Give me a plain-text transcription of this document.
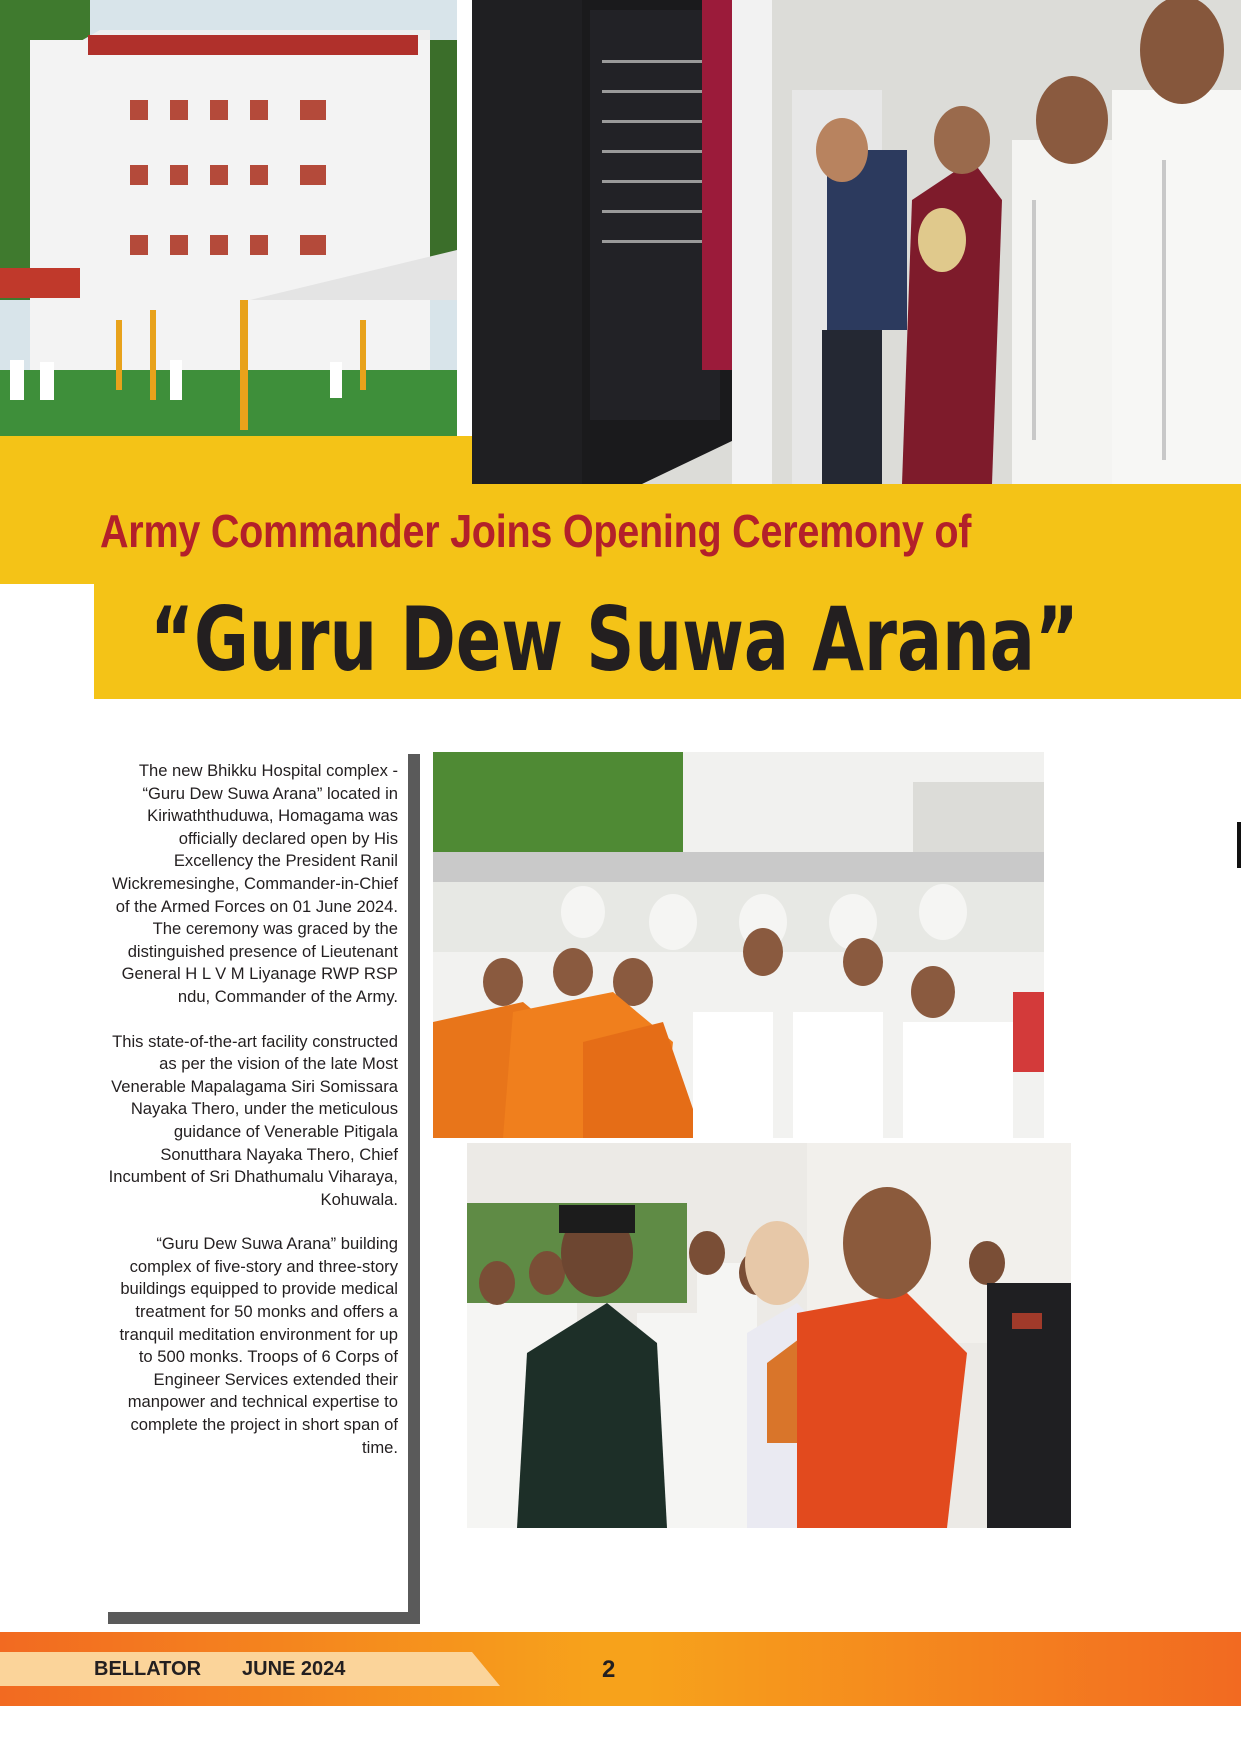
Army Commander Joins Opening Ceremony of
“Guru Dew Suwa Arana”

The new Bhikku Hospital complex - “Guru Dew Suwa Arana” located in Kiriwaththuduwa, Homagama was officially declared open by His Excellency the President Ranil Wickremesinghe, Commander-in-Chief of the Armed Forces on 01 June 2024. The ceremony was graced by the distinguished presence of Lieutenant General H L V M Liyanage RWP RSP ndu, Commander of the Army.

This state-of-the-art facility constructed as per the vision of the late Most Venerable Mapalagama Siri Somissara Nayaka Thero, under the meticulous guidance of Venerable Pitigala Sonutthara Nayaka Thero, Chief Incumbent of Sri Dhathumalu Viharaya, Kohuwala.

“Guru Dew Suwa Arana” building complex of five-story and three-story buildings equipped to provide medical treatment for 50 monks and offers a tranquil meditation environment for up to 500 monks. Troops of 6 Corps of Engineer Services extended their manpower and technical expertise to complete the project in short span of time.

BELLATOR JUNE 2024	2
